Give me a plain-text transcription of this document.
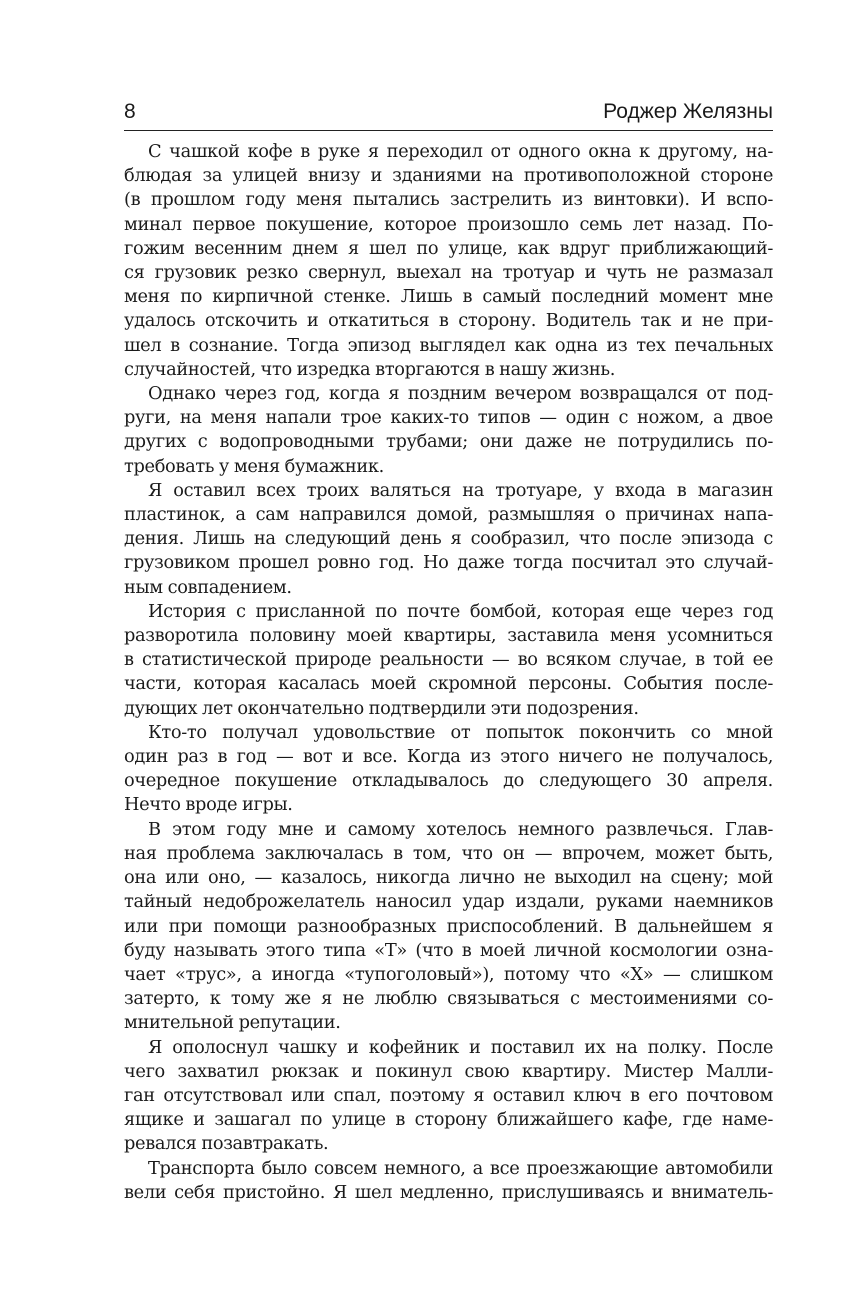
8	Роджер Желязны

С чашкой кофе в руке я переходил от одного окна к другому, на-
блюдая за улицей внизу и зданиями на противоположной стороне
(в прошлом году меня пытались застрелить из винтовки). И вспо-
минал первое покушение, которое произошло семь лет назад. По-
гожим весенним днем я шел по улице, как вдруг приближающий-
ся грузовик резко свернул, выехал на тротуар и чуть не размазал
меня по кирпичной стенке. Лишь в самый последний момент мне
удалось отскочить и откатиться в сторону. Водитель так и не при-
шел в сознание. Тогда эпизод выглядел как одна из тех печальных
случайностей, что изредка вторгаются в нашу жизнь.

Однако через год, когда я поздним вечером возвращался от под-
руги, на меня напали трое каких-то типов — один с ножом, а двое
других с водопроводными трубами; они даже не потрудились по-
требовать у меня бумажник.

Я оставил всех троих валяться на тротуаре, у входа в магазин
пластинок, а сам направился домой, размышляя о причинах напа-
дения. Лишь на следующий день я сообразил, что после эпизода с
грузовиком прошел ровно год. Но даже тогда посчитал это случай-
ным совпадением.

История с присланной по почте бомбой, которая еще через год
разворотила половину моей квартиры, заставила меня усомниться
в статистической природе реальности — во всяком случае, в той ее
части, которая касалась моей скромной персоны. События после-
дующих лет окончательно подтвердили эти подозрения.

Кто-то получал удовольствие от попыток покончить со мной
один раз в год — вот и все. Когда из этого ничего не получалось,
очередное покушение откладывалось до следующего 30 апреля.
Нечто вроде игры.

В этом году мне и самому хотелось немного развлечься. Глав-
ная проблема заключалась в том, что он — впрочем, может быть,
она или оно, — казалось, никогда лично не выходил на сцену; мой
тайный недоброжелатель наносил удар издали, руками наемников
или при помощи разнообразных приспособлений. В дальнейшем я
буду называть этого типа «Т» (что в моей личной космологии озна-
чает «трус», а иногда «тупоголовый»), потому что «Х» — слишком
затерто, к тому же я не люблю связываться с местоимениями со-
мнительной репутации.

Я ополоснул чашку и кофейник и поставил их на полку. После
чего захватил рюкзак и покинул свою квартиру. Мистер Малли-
ган отсутствовал или спал, поэтому я оставил ключ в его почтовом
ящике и зашагал по улице в сторону ближайшего кафе, где наме-
ревался позавтракать.

Транспорта было совсем немного, а все проезжающие автомобили
вели себя пристойно. Я шел медленно, прислушиваясь и вниматель-
